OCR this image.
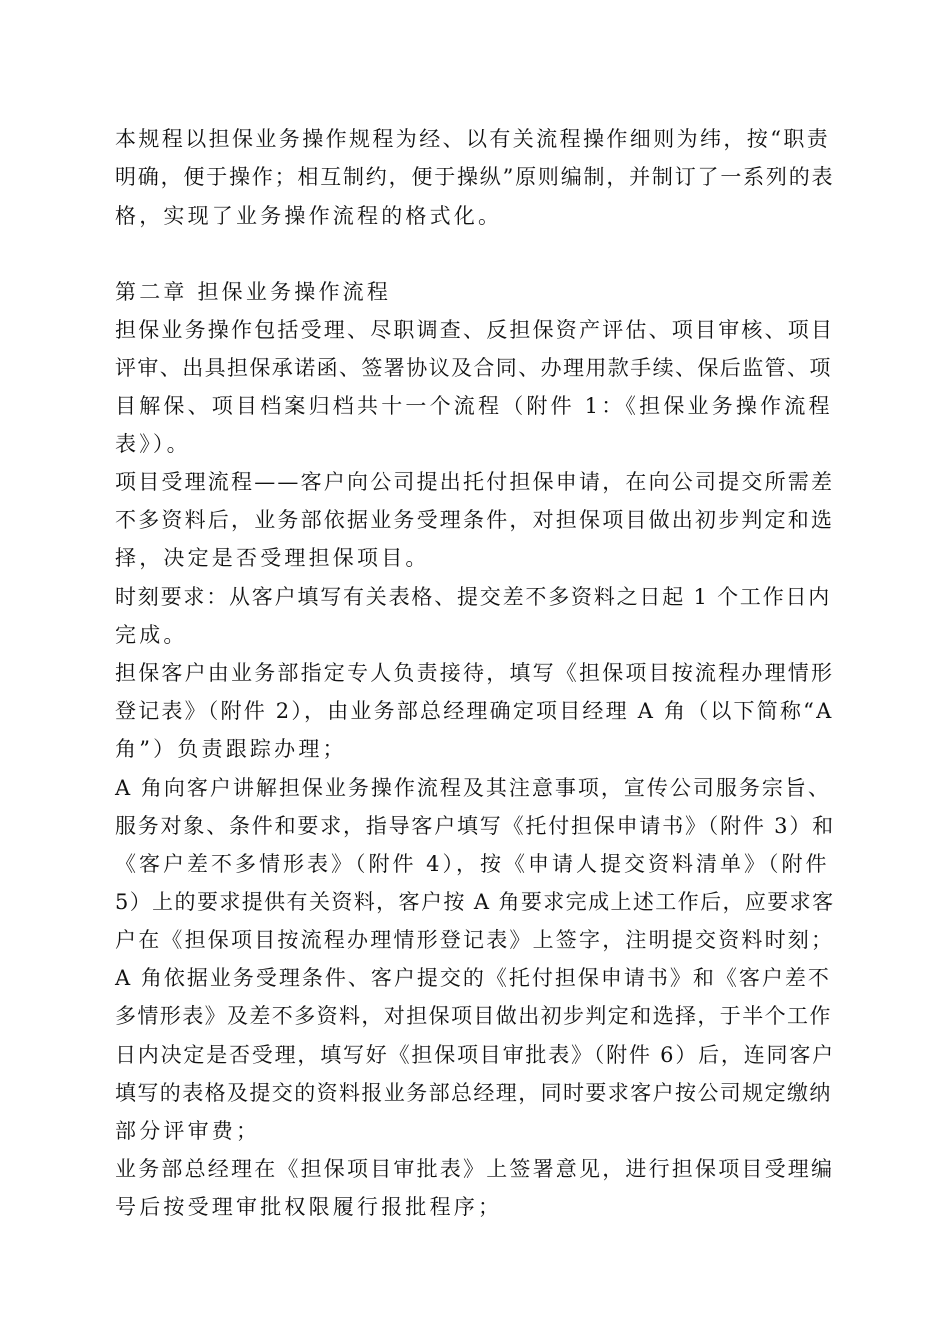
本规程以担保业务操作规程为经、以有关流程操作细则为纬，按“职责
明确，便于操作；相互制约，便于操纵”原则编制，并制订了一系列的表
格，实现了业务操作流程的格式化。
第二章 担保业务操作流程
担保业务操作包括受理、尽职调查、反担保资产评估、项目审核、项目
评审、出具担保承诺函、签署协议及合同、办理用款手续、保后监管、项
目解保、项目档案归档共十一个流程（附件 1：《担保业务操作流程
表》）。
项目受理流程——客户向公司提出托付担保申请，在向公司提交所需差
不多资料后，业务部依据业务受理条件，对担保项目做出初步判定和选
择，决定是否受理担保项目。
时刻要求：从客户填写有关表格、提交差不多资料之日起 1 个工作日内
完成。
担保客户由业务部指定专人负责接待，填写《担保项目按流程办理情形
登记表》（附件 2），由业务部总经理确定项目经理 A 角（以下简称“A
角”）负责跟踪办理；
A 角向客户讲解担保业务操作流程及其注意事项，宣传公司服务宗旨、
服务对象、条件和要求，指导客户填写《托付担保申请书》（附件 3）和
《客户差不多情形表》（附件 4），按《申请人提交资料清单》（附件
5）上的要求提供有关资料，客户按 A 角要求完成上述工作后，应要求客
户在《担保项目按流程办理情形登记表》上签字，注明提交资料时刻；
A 角依据业务受理条件、客户提交的《托付担保申请书》和《客户差不
多情形表》及差不多资料，对担保项目做出初步判定和选择，于半个工作
日内决定是否受理，填写好《担保项目审批表》（附件 6）后，连同客户
填写的表格及提交的资料报业务部总经理，同时要求客户按公司规定缴纳
部分评审费；
业务部总经理在《担保项目审批表》上签署意见，进行担保项目受理编
号后按受理审批权限履行报批程序；
